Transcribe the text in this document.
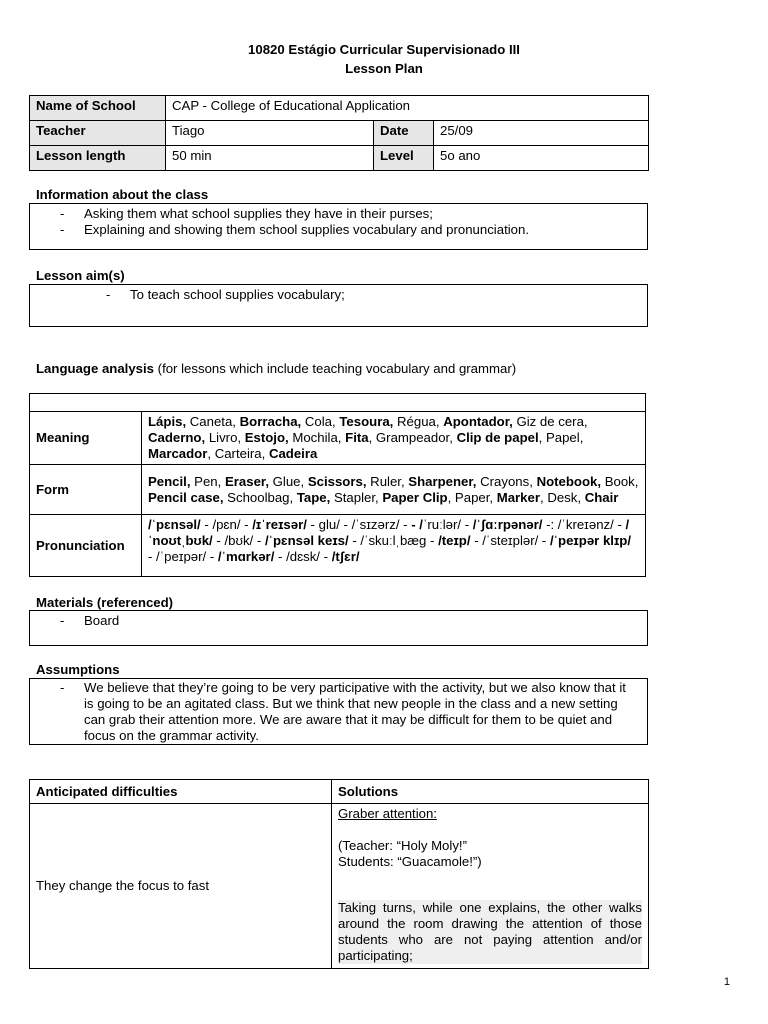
10820 Estágio Curricular Supervisionado III
Lesson Plan
Name of School	CAP - College of Educational Application		
Teacher	Tiago	Date	25/09
Lesson length	50 min	Level	5o ano
Information about the class
- Asking them what school supplies they have in their purses;
- Explaining and showing them school supplies vocabulary and pronunciation.
Lesson aim(s)
- To teach school supplies vocabulary;
Language analysis (for lessons which include teaching vocabulary and grammar)

Meaning	Lápis, Caneta, Borracha, Cola, Tesoura, Régua, Apontador, Giz de cera, Caderno, Livro, Estojo, Mochila, Fita, Grampeador, Clip de papel, Papel, Marcador, Carteira, Cadeira
Form	Pencil, Pen, Eraser, Glue, Scissors, Ruler, Sharpener, Crayons, Notebook, Book, Pencil case, Schoolbag, Tape, Stapler, Paper Clip, Paper, Marker, Desk, Chair
Pronunciation	/ˈpɛnsəl/ - /pɛn/ - /ɪˈreɪsər/ - glu/ - /ˈsɪzərz/ - - /ˈruːlər/ - /ˈʃɑːrpənər/ -: /ˈkreɪənz/ - /ˈnoʊtˌbʊk/ - /bʊk/ - /ˈpɛnsəl keɪs/ - /ˈskuːlˌbæg - /teɪp/ - /ˈsteɪplər/ - /ˈpeɪpər klɪp/ - /ˈpeɪpər/ - /ˈmɑrkər/ - /dɛsk/ - /tʃɛr/
Materials (referenced)
- Board
Assumptions
- We believe that they’re going to be very participative with the activity, but we also know that it is going to be an agitated class. But we think that new people in the class and a new setting can grab their attention more. We are aware that it may be difficult for them to be quiet and focus on the grammar activity.
Anticipated difficulties	Solutions
They change the focus to fast	Graber attention:
(Teacher: “Holy Moly!”
Students: “Guacamole!”)
Taking turns, while one explains, the other walks around the room drawing the attention of those students who are not paying attention and/or participating;
1
